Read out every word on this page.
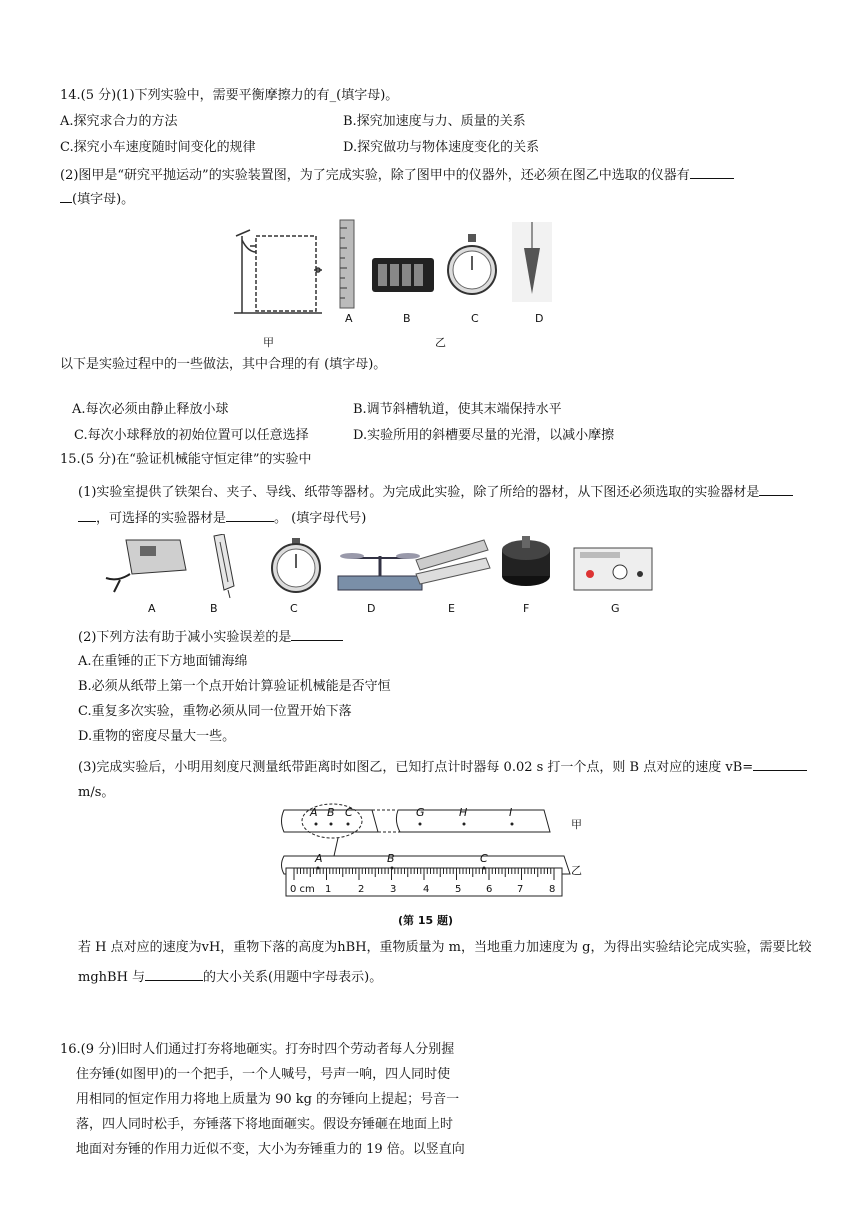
14.(5 分)(1)下列实验中，需要平衡摩擦力的有_(填字母)。
A.探究求合力的方法	B.探究加速度与力、质量的关系
C.探究小车速度随时间变化的规律	D.探究做功与物体速度变化的关系
(2)图甲是“研究平抛运动”的实验装置图，为了完成实验，除了图甲中的仪器外，还必须在图乙中选取的仪器有
(填字母)。
A	B	C	D
甲	乙
以下是实验过程中的一些做法，其中合理的有 (填字母)。
A.每次必须由静止释放小球	B.调节斜槽轨道，使其末端保持水平
C.每次小球释放的初始位置可以任意选择	D.实验所用的斜槽要尽量的光滑，以减小摩擦
15.(5 分)在“验证机械能守恒定律”的实验中
(1)实验室提供了铁架台、夹子、导线、纸带等器材。为完成此实验，除了所给的器材，从下图还必须选取的实验器材是
，可选择的实验器材是	。 (填字母代号)
A	B	C	D	E	F	G
(2)下列方法有助于减小实验误差的是
A.在重锤的正下方地面铺海绵
B.必须从纸带上第一个点开始计算验证机械能是否守恒
C.重复多次实验，重物必须从同一位置开始下落
D.重物的密度尽量大一些。
(3)完成实验后，小明用刻度尺测量纸带距离时如图乙，已知打点计时器每 0.02 s 打一个点，则 B 点对应的速度 vB=
m/s。
A B C	G	H	I
甲
A	B	C
乙
0 cm 1	2	3	4	5 6 7	8
(第 15 题)
若 H 点对应的速度为vH，重物下落的高度为hBH，重物质量为 m，当地重力加速度为 g，为得出实验结论完成实验，需要比较
mghBH 与	的大小关系(用题中字母表示)。
16.(9 分)旧时人们通过打夯将地砸实。打夯时四个劳动者每人分别握
住夯锤(如图甲)的一个把手，一个人喊号，号声一响，四人同时使
用相同的恒定作用力将地上质量为 90 kg 的夯锤向上提起；号音一
落，四人同时松手，夯锤落下将地面砸实。假设夯锤砸在地面上时
地面对夯锤的作用力近似不变，大小为夯锤重力的 19 倍。以竖直向
